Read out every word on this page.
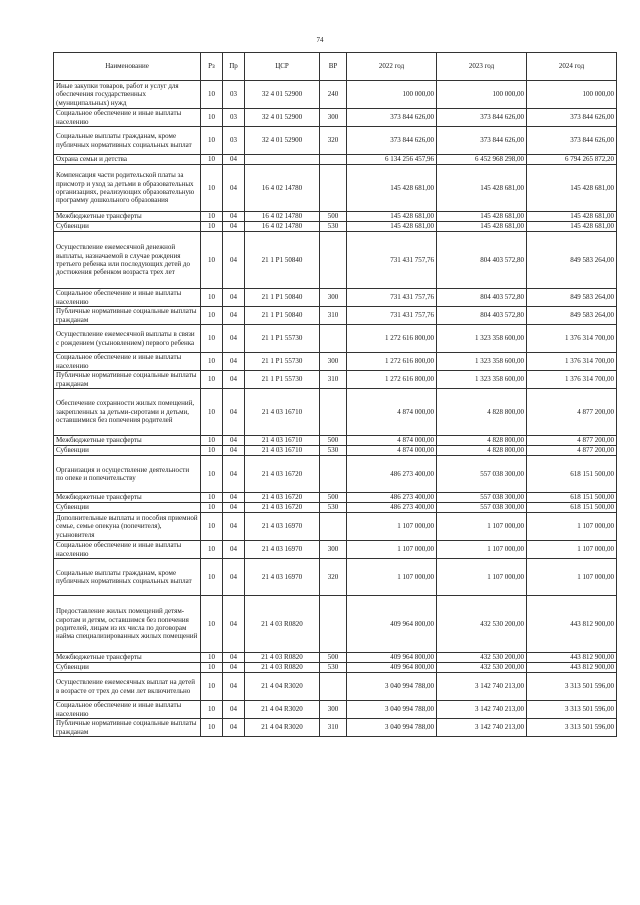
74
Наименование	Рз	Пр	ЦСР	ВР	2022 год	2023 год	2024 год
Иные закупки товаров, работ и услуг для обеспечения государственных (муниципальных) нужд	10	03	32 4 01 52900	240	100 000,00	100 000,00	100 000,00
Социальное обеспечение и иные выплаты населению	10	03	32 4 01 52900	300	373 844 626,00	373 844 626,00	373 844 626,00
Социальные выплаты гражданам, кроме публичных нормативных социальных выплат	10	03	32 4 01 52900	320	373 844 626,00	373 844 626,00	373 844 626,00
Охрана семьи и детства	10	04			6 134 256 457,96	6 452 968 298,00	6 794 265 872,20
Компенсация части родительской платы за присмотр и уход за детьми в образовательных организациях, реализующих образовательную программу дошкольного образования	10	04	16 4 02 14780		145 428 681,00	145 428 681,00	145 428 681,00
Межбюджетные трансферты	10	04	16 4 02 14780	500	145 428 681,00	145 428 681,00	145 428 681,00
Субвенции	10	04	16 4 02 14780	530	145 428 681,00	145 428 681,00	145 428 681,00
Осуществление ежемесячной денежной выплаты, назначаемой в случае рождения третьего ребенка или последующих детей до достижения ребенком возраста трех лет	10	04	21 1 P1 50840		731 431 757,76	804 403 572,80	849 583 264,00
Социальное обеспечение и иные выплаты населению	10	04	21 1 P1 50840	300	731 431 757,76	804 403 572,80	849 583 264,00
Публичные нормативные социальные выплаты гражданам	10	04	21 1 P1 50840	310	731 431 757,76	804 403 572,80	849 583 264,00
Осуществление ежемесячной выплаты в связи с рождением (усыновлением) первого ребенка	10	04	21 1 P1 55730		1 272 616 800,00	1 323 358 600,00	1 376 314 700,00
Социальное обеспечение и иные выплаты населению	10	04	21 1 P1 55730	300	1 272 616 800,00	1 323 358 600,00	1 376 314 700,00
Публичные нормативные социальные выплаты гражданам	10	04	21 1 P1 55730	310	1 272 616 800,00	1 323 358 600,00	1 376 314 700,00
Обеспечение сохранности жилых помещений, закрепленных за детьми-сиротами и детьми, оставшимися без попечения родителей	10	04	21 4 03 16710		4 874 000,00	4 828 800,00	4 877 200,00
Межбюджетные трансферты	10	04	21 4 03 16710	500	4 874 000,00	4 828 800,00	4 877 200,00
Субвенции	10	04	21 4 03 16710	530	4 874 000,00	4 828 800,00	4 877 200,00
Организация и осуществление деятельности по опеке и попечительству	10	04	21 4 03 16720		486 273 400,00	557 038 300,00	618 151 500,00
Межбюджетные трансферты	10	04	21 4 03 16720	500	486 273 400,00	557 038 300,00	618 151 500,00
Субвенции	10	04	21 4 03 16720	530	486 273 400,00	557 038 300,00	618 151 500,00
Дополнительные выплаты и пособия приемной семье, семье опекуна (попечителя), усыновителя	10	04	21 4 03 16970		1 107 000,00	1 107 000,00	1 107 000,00
Социальное обеспечение и иные выплаты населению	10	04	21 4 03 16970	300	1 107 000,00	1 107 000,00	1 107 000,00
Социальные выплаты гражданам, кроме публичных нормативных социальных выплат	10	04	21 4 03 16970	320	1 107 000,00	1 107 000,00	1 107 000,00
Предоставление жилых помещений детям-сиротам и детям, оставшимся без попечения родителей, лицам из их числа по договорам найма специализированных жилых помещений	10	04	21 4 03 R0820		409 964 800,00	432 530 200,00	443 812 900,00
Межбюджетные трансферты	10	04	21 4 03 R0820	500	409 964 800,00	432 530 200,00	443 812 900,00
Субвенции	10	04	21 4 03 R0820	530	409 964 800,00	432 530 200,00	443 812 900,00
Осуществление ежемесячных выплат на детей в возрасте от трех до семи лет включительно	10	04	21 4 04 R3020		3 040 994 788,00	3 142 740 213,00	3 313 501 596,00
Социальное обеспечение и иные выплаты населению	10	04	21 4 04 R3020	300	3 040 994 788,00	3 142 740 213,00	3 313 501 596,00
Публичные нормативные социальные выплаты гражданам	10	04	21 4 04 R3020	310	3 040 994 788,00	3 142 740 213,00	3 313 501 596,00
